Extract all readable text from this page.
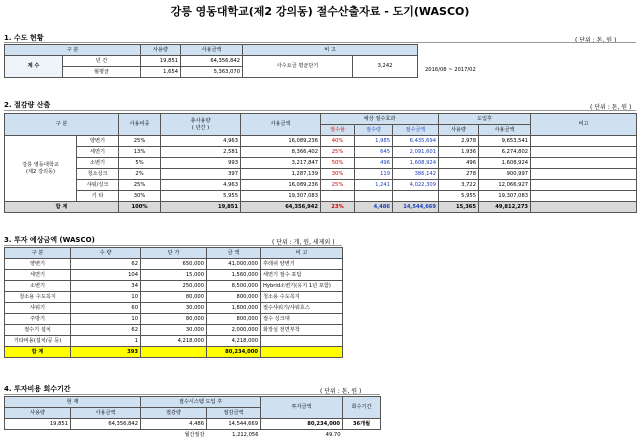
강릉 영동대학교(제2 강의동) 절수산출자료 - 도기(WASCO)
1. 수도 현황	( 단위 : 톤, 원 )
구 분		사용량	사용금액	비 고	
계 수	년 간	19,851	64,356,842	사수요금 평균단기	3,242
	월평균	1,654	5,363,070			2016/08 ~ 2017/02
2. 절감량 산출	( 단위 : 톤, 원 )
구 분		사용비중	총사용량
( 년간 )	사용금액	예상 절수효과			도입후		비고
					절수율	절수량	절수금액	사용량	사용금액	
강릉 영동대학교
(제2 강의동)	양변기	25%	4,963	16,089,236	40%	1,985	6,435,694	2,978	9,653,541	
	세면기	13%	2,581	8,366,402	25%	645	2,091,601	1,936	6,274,802	
	소변기	5%	993	3,217,847	50%	496	1,608,924	496	1,608,924	
	청소싱크	2%	397	1,287,139	30%	119	386,142	278	900,997	
	샤워/싱크	25%	4,963	16,089,236	25%	1,241	4,022,309	3,722	12,066,927	
	기 타	30%	5,955	19,307,083				5,955	19,307,083	
합 계		100%	19,851	64,356,942	23%	4,486	14,544,669	15,365	49,812,273	
3. 투자 예상금액 (WASCO)	( 단위 : 개, 원, 세제외 )
구 분	수 량	단 가	금 액	비 고
양변기	62	650,000	41,000,000	후레쉬 양변기
세면기	104	15,000	1,560,000	세면기 절수 포텀
소변기	34	250,000	8,500,000	Hybrid소변기(유지 1년 포함)
청소용 수도꼭지	10	80,000	800,000	청소용 수도꼭지
샤워기	60	30,000	1,800,000	절수샤워기/샤워호스
주방기	10	80,000	800,000	절수 싱크대
절수기 설치	62	30,000	2,000,000	화장실 전면부착
기타비용(설치/공 등)	1	4,218,000	4,218,000	
합 계	393		80,234,000	
4. 투자비용 회수기간	( 단위 : 톤, 원 )
현 재		절수시스템 도입 후		투자금액	회수기간
사용량	사용금액	절감량	절감금액		
19,851	64,356,842	4,486	14,544,669	80,234,000	36개월
		월간절감	1,212,056	49.70	
